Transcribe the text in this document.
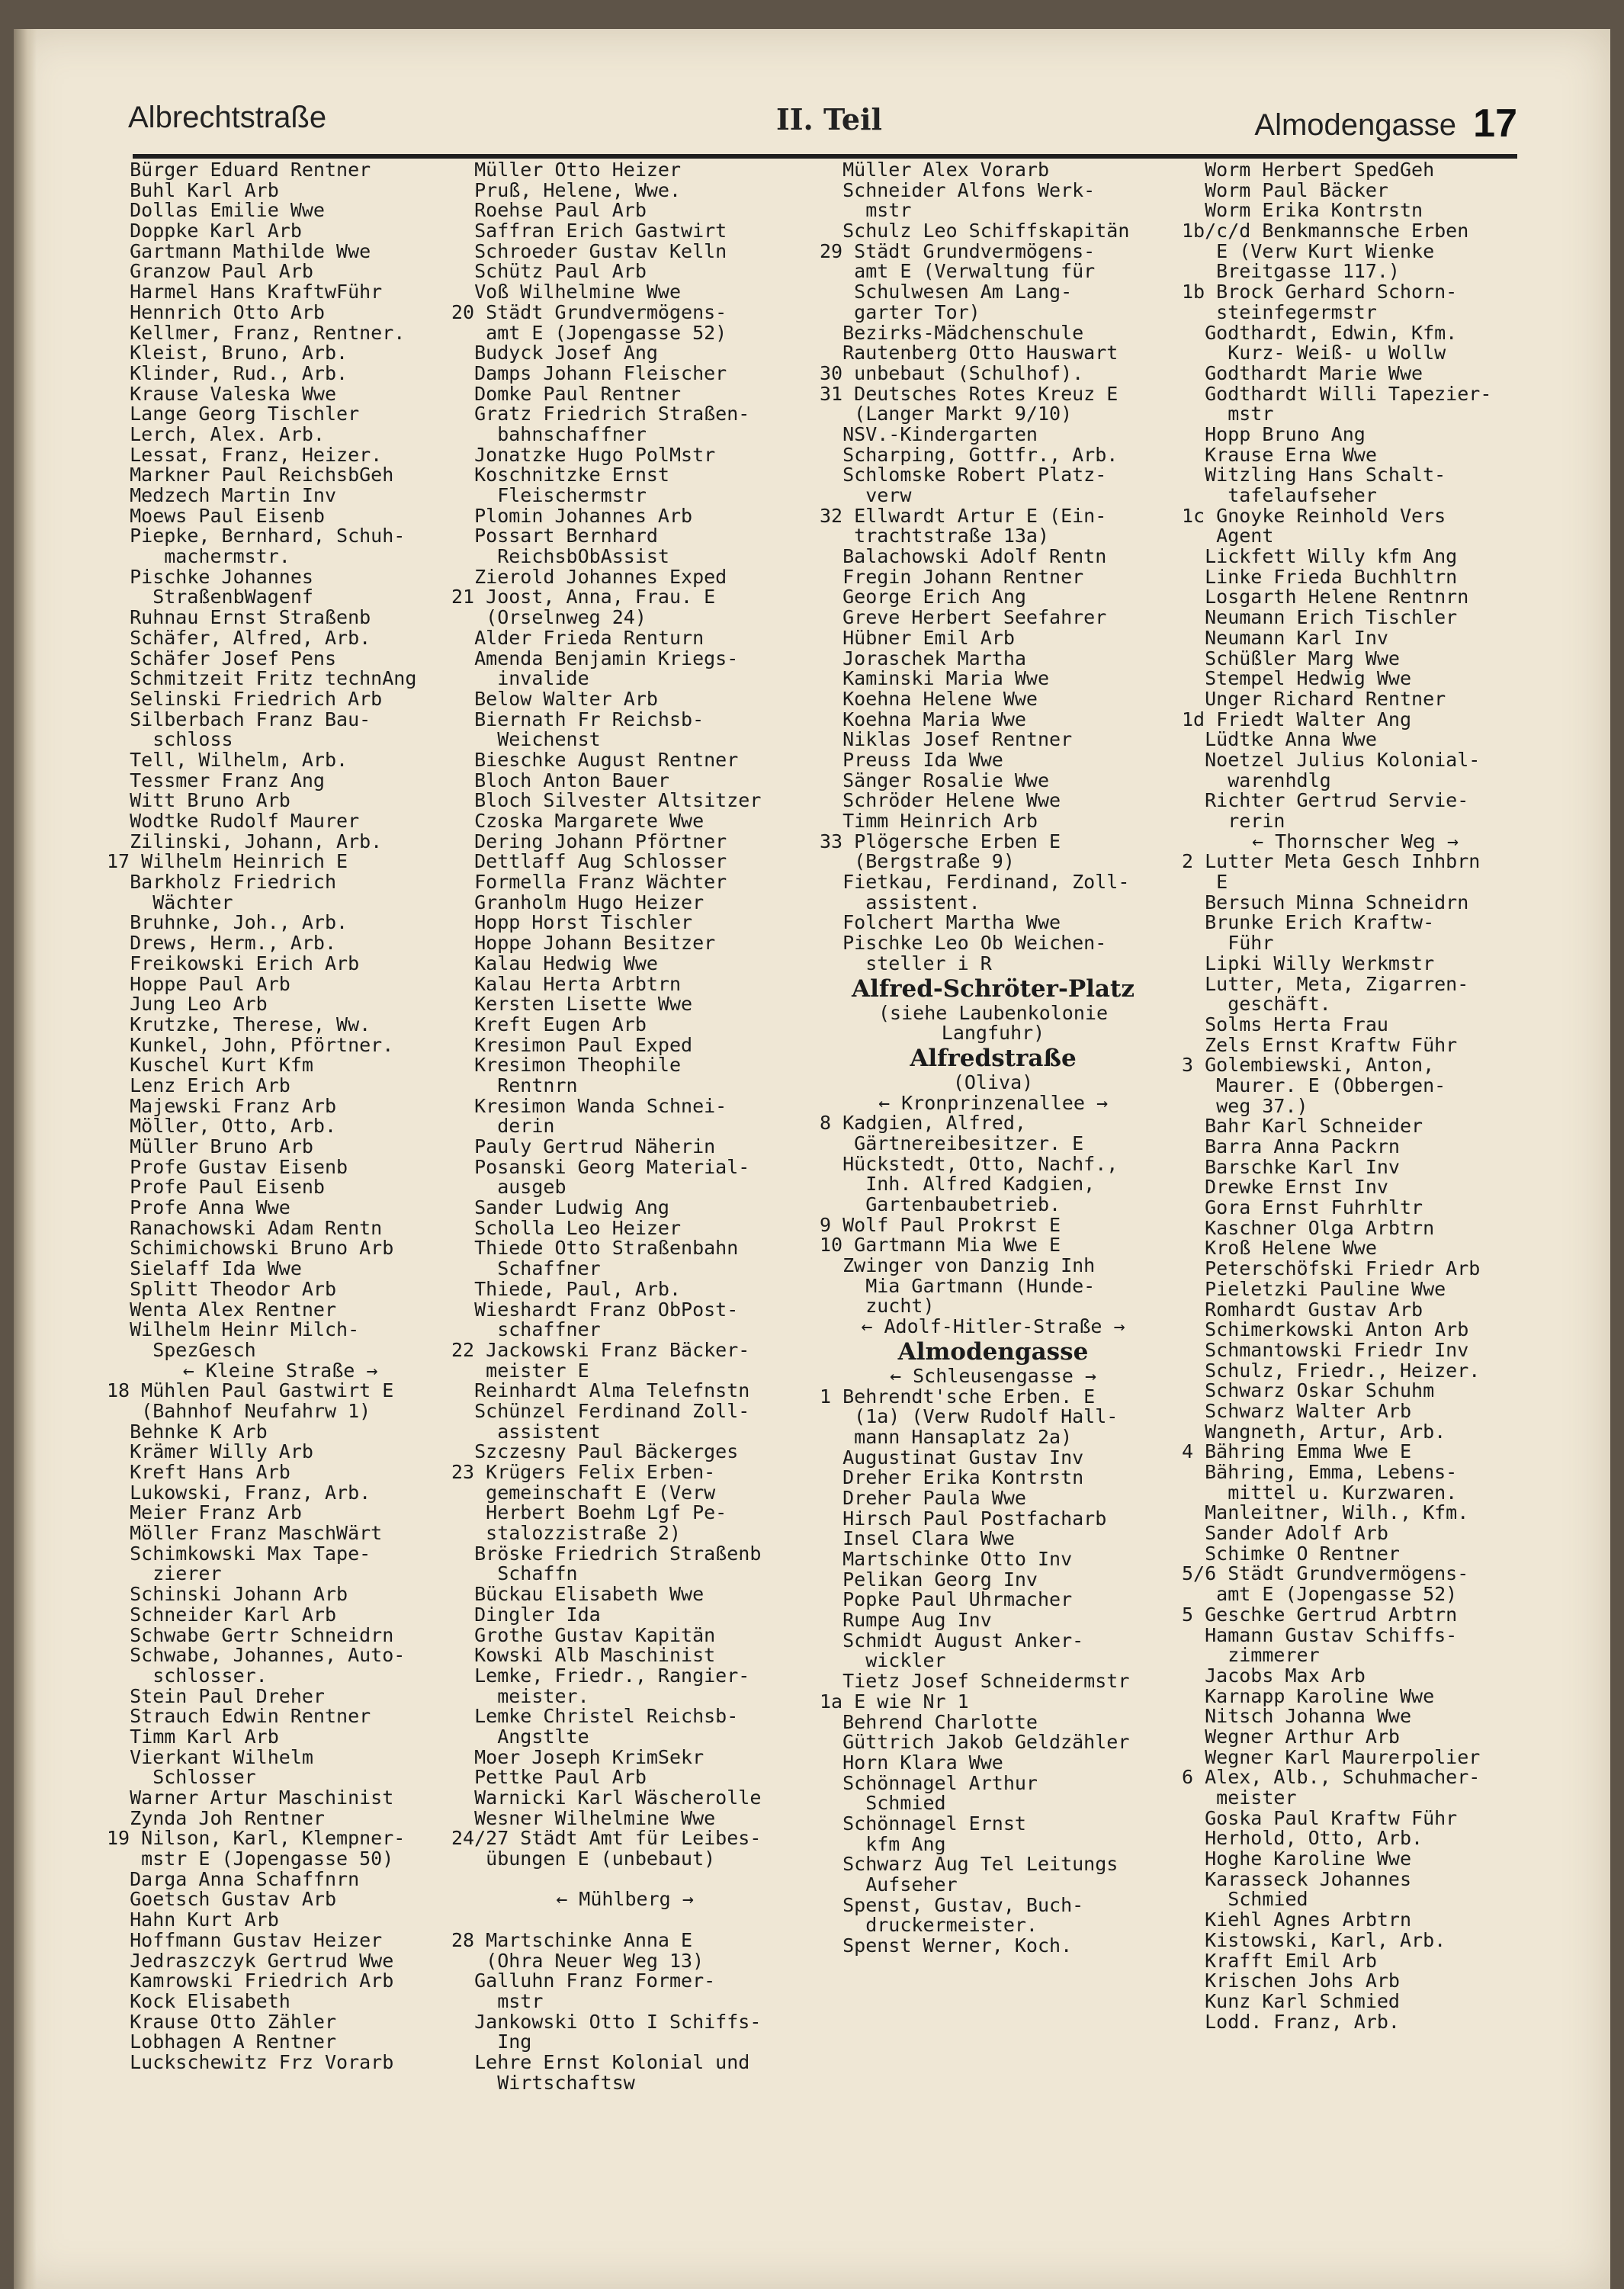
Albrechtstraße	II. Teil	Almodengasse 17
Bürger Eduard Rentner
Buhl Karl Arb
Dollas Emilie Wwe
Doppke Karl Arb
Gartmann Mathilde Wwe
Granzow Paul Arb
Harmel Hans KraftwFühr
Hennrich Otto Arb
Kellmer, Franz, Rentner.
Kleist, Bruno, Arb.
Klinder, Rud., Arb.
Krause Valeska Wwe
Lange Georg Tischler
Lerch, Alex. Arb.
Lessat, Franz, Heizer.
Markner Paul ReichsbGeh
Medzech Martin Inv
Moews Paul Eisenb
Piepke, Bernhard, Schuh-
machermstr.
Pischke Johannes
StraßenbWagenf
Ruhnau Ernst Straßenb
Schäfer, Alfred, Arb.
Schäfer Josef Pens
Schmitzeit Fritz technAng
Selinski Friedrich Arb
Silberbach Franz Bau-
schloss
Tell, Wilhelm, Arb.
Tessmer Franz Ang
Witt Bruno Arb
Wodtke Rudolf Maurer
Zilinski, Johann, Arb.
17 Wilhelm Heinrich E
Barkholz Friedrich
Wächter
Bruhnke, Joh., Arb.
Drews, Herm., Arb.
Freikowski Erich Arb
Hoppe Paul Arb
Jung Leo Arb
Krutzke, Therese, Ww.
Kunkel, John, Pförtner.
Kuschel Kurt Kfm
Lenz Erich Arb
Majewski Franz Arb
Möller, Otto, Arb.
Müller Bruno Arb
Profe Gustav Eisenb
Profe Paul Eisenb
Profe Anna Wwe
Ranachowski Adam Rentn
Schimichowski Bruno Arb
Sielaff Ida Wwe
Splitt Theodor Arb
Wenta Alex Rentner
Wilhelm Heinr Milch-
SpezGesch
← Kleine Straße →
18 Mühlen Paul Gastwirt E
(Bahnhof Neufahrw 1)
Behnke K Arb
Krämer Willy Arb
Kreft Hans Arb
Lukowski, Franz, Arb.
Meier Franz Arb
Möller Franz MaschWärt
Schimkowski Max Tape-
zierer
Schinski Johann Arb
Schneider Karl Arb
Schwabe Gertr Schneidrn
Schwabe, Johannes, Auto-
schlosser.
Stein Paul Dreher
Strauch Edwin Rentner
Timm Karl Arb
Vierkant Wilhelm
Schlosser
Warner Artur Maschinist
Zynda Joh Rentner
19 Nilson, Karl, Klempner-
mstr E (Jopengasse 50)
Darga Anna Schaffnrn
Goetsch Gustav Arb
Hahn Kurt Arb
Hoffmann Gustav Heizer
Jedraszczyk Gertrud Wwe
Kamrowski Friedrich Arb
Kock Elisabeth
Krause Otto Zähler
Lobhagen A Rentner
Luckschewitz Frz Vorarb
Müller Otto Heizer
Pruß, Helene, Wwe.
Roehse Paul Arb
Saffran Erich Gastwirt
Schroeder Gustav Kelln
Schütz Paul Arb
Voß Wilhelmine Wwe
20 Städt Grundvermögens-
amt E (Jopengasse 52)
Budyck Josef Ang
Damps Johann Fleischer
Domke Paul Rentner
Gratz Friedrich Straßen-
bahnschaffner
Jonatzke Hugo PolMstr
Koschnitzke Ernst
Fleischermstr
Plomin Johannes Arb
Possart Bernhard
ReichsbObAssist
Zierold Johannes Exped
21 Joost, Anna, Frau. E
(Orselnweg 24)
Alder Frieda Renturn
Amenda Benjamin Kriegs-
invalide
Below Walter Arb
Biernath Fr Reichsb-
Weichenst
Bieschke August Rentner
Bloch Anton Bauer
Bloch Silvester Altsitzer
Czoska Margarete Wwe
Dering Johann Pförtner
Dettlaff Aug Schlosser
Formella Franz Wächter
Granholm Hugo Heizer
Hopp Horst Tischler
Hoppe Johann Besitzer
Kalau Hedwig Wwe
Kalau Herta Arbtrn
Kersten Lisette Wwe
Kreft Eugen Arb
Kresimon Paul Exped
Kresimon Theophile
Rentnrn
Kresimon Wanda Schnei-
derin
Pauly Gertrud Näherin
Posanski Georg Material-
ausgeb
Sander Ludwig Ang
Scholla Leo Heizer
Thiede Otto Straßenbahn
Schaffner
Thiede, Paul, Arb.
Wieshardt Franz ObPost-
schaffner
22 Jackowski Franz Bäcker-
meister E
Reinhardt Alma Telefnstn
Schünzel Ferdinand Zoll-
assistent
Szczesny Paul Bäckerges
23 Krügers Felix Erben-
gemeinschaft E (Verw
Herbert Boehm Lgf Pe-
stalozzistraße 2)
Bröske Friedrich Straßenb
Schaffn
Bückau Elisabeth Wwe
Dingler Ida
Grothe Gustav Kapitän
Kowski Alb Maschinist
Lemke, Friedr., Rangier-
meister.
Lemke Christel Reichsb-
Angstlte
Moer Joseph KrimSekr
Pettke Paul Arb
Warnicki Karl Wäscherolle
Wesner Wilhelmine Wwe
24/27 Städt Amt für Leibes-
übungen E (unbebaut)

← Mühlberg →

28 Martschinke Anna E
(Ohra Neuer Weg 13)
Galluhn Franz Former-
mstr
Jankowski Otto I Schiffs-
Ing
Lehre Ernst Kolonial und
Wirtschaftsw
Müller Alex Vorarb
Schneider Alfons Werk-
mstr
Schulz Leo Schiffskapitän
29 Städt Grundvermögens-
amt E (Verwaltung für
Schulwesen Am Lang-
garter Tor)
Bezirks-Mädchenschule
Rautenberg Otto Hauswart
30 unbebaut (Schulhof).
31 Deutsches Rotes Kreuz E
(Langer Markt 9/10)
NSV.-Kindergarten
Scharping, Gottfr., Arb.
Schlomske Robert Platz-
verw
32 Ellwardt Artur E (Ein-
trachtstraße 13a)
Balachowski Adolf Rentn
Fregin Johann Rentner
George Erich Ang
Greve Herbert Seefahrer
Hübner Emil Arb
Joraschek Martha
Kaminski Maria Wwe
Koehna Helene Wwe
Koehna Maria Wwe
Niklas Josef Rentner
Preuss Ida Wwe
Sänger Rosalie Wwe
Schröder Helene Wwe
Timm Heinrich Arb
33 Plögersche Erben E
(Bergstraße 9)
Fietkau, Ferdinand, Zoll-
assistent.
Folchert Martha Wwe
Pischke Leo Ob Weichen-
steller i R
Alfred-Schröter-Platz
(siehe Laubenkolonie
Langfuhr)
Alfredstraße
(Oliva)
← Kronprinzenallee →
8 Kadgien, Alfred,
Gärtnereibesitzer. E
Hückstedt, Otto, Nachf.,
Inh. Alfred Kadgien,
Gartenbaubetrieb.
9 Wolf Paul Prokrst E
10 Gartmann Mia Wwe E
Zwinger von Danzig Inh
Mia Gartmann (Hunde-
zucht)
← Adolf-Hitler-Straße →
Almodengasse
← Schleusengasse →
1 Behrendt'sche Erben. E
(1a) (Verw Rudolf Hall-
mann Hansaplatz 2a)
Augustinat Gustav Inv
Dreher Erika Kontrstn
Dreher Paula Wwe
Hirsch Paul Postfacharb
Insel Clara Wwe
Martschinke Otto Inv
Pelikan Georg Inv
Popke Paul Uhrmacher
Rumpe Aug Inv
Schmidt August Anker-
wickler
Tietz Josef Schneidermstr
1a E wie Nr 1
Behrend Charlotte
Güttrich Jakob Geldzähler
Horn Klara Wwe
Schönnagel Arthur
Schmied
Schönnagel Ernst
kfm Ang
Schwarz Aug Tel Leitungs
Aufseher
Spenst, Gustav, Buch-
druckermeister.
Spenst Werner, Koch.
Worm Herbert SpedGeh
Worm Paul Bäcker
Worm Erika Kontrstn
1b/c/d Benkmannsche Erben
E (Verw Kurt Wienke
Breitgasse 117.)
1b Brock Gerhard Schorn-
steinfegermstr
Godthardt, Edwin, Kfm.
Kurz- Weiß- u Wollw
Godthardt Marie Wwe
Godthardt Willi Tapezier-
mstr
Hopp Bruno Ang
Krause Erna Wwe
Witzling Hans Schalt-
tafelaufseher
1c Gnoyke Reinhold Vers
Agent
Lickfett Willy kfm Ang
Linke Frieda Buchhltrn
Losgarth Helene Rentnrn
Neumann Erich Tischler
Neumann Karl Inv
Schüßler Marg Wwe
Stempel Hedwig Wwe
Unger Richard Rentner
1d Friedt Walter Ang
Lüdtke Anna Wwe
Noetzel Julius Kolonial-
warenhdlg
Richter Gertrud Servie-
rerin
← Thornscher Weg →
2 Lutter Meta Gesch Inhbrn
E
Bersuch Minna Schneidrn
Brunke Erich Kraftw-
Führ
Lipki Willy Werkmstr
Lutter, Meta, Zigarren-
geschäft.
Solms Herta Frau
Zels Ernst Kraftw Führ
3 Golembiewski, Anton,
Maurer. E (Obbergen-
weg 37.)
Bahr Karl Schneider
Barra Anna Packrn
Barschke Karl Inv
Drewke Ernst Inv
Gora Ernst Fuhrhltr
Kaschner Olga Arbtrn
Kroß Helene Wwe
Peterschöfski Friedr Arb
Pieletzki Pauline Wwe
Romhardt Gustav Arb
Schimerkowski Anton Arb
Schmantowski Friedr Inv
Schulz, Friedr., Heizer.
Schwarz Oskar Schuhm
Schwarz Walter Arb
Wangneth, Artur, Arb.
4 Bähring Emma Wwe E
Bähring, Emma, Lebens-
mittel u. Kurzwaren.
Manleitner, Wilh., Kfm.
Sander Adolf Arb
Schimke O Rentner
5/6 Städt Grundvermögens-
amt E (Jopengasse 52)
5 Geschke Gertrud Arbtrn
Hamann Gustav Schiffs-
zimmerer
Jacobs Max Arb
Karnapp Karoline Wwe
Nitsch Johanna Wwe
Wegner Arthur Arb
Wegner Karl Maurerpolier
6 Alex, Alb., Schuhmacher-
meister
Goska Paul Kraftw Führ
Herhold, Otto, Arb.
Hoghe Karoline Wwe
Karasseck Johannes
Schmied
Kiehl Agnes Arbtrn
Kistowski, Karl, Arb.
Krafft Emil Arb
Krischen Johs Arb
Kunz Karl Schmied
Lodd. Franz, Arb.
